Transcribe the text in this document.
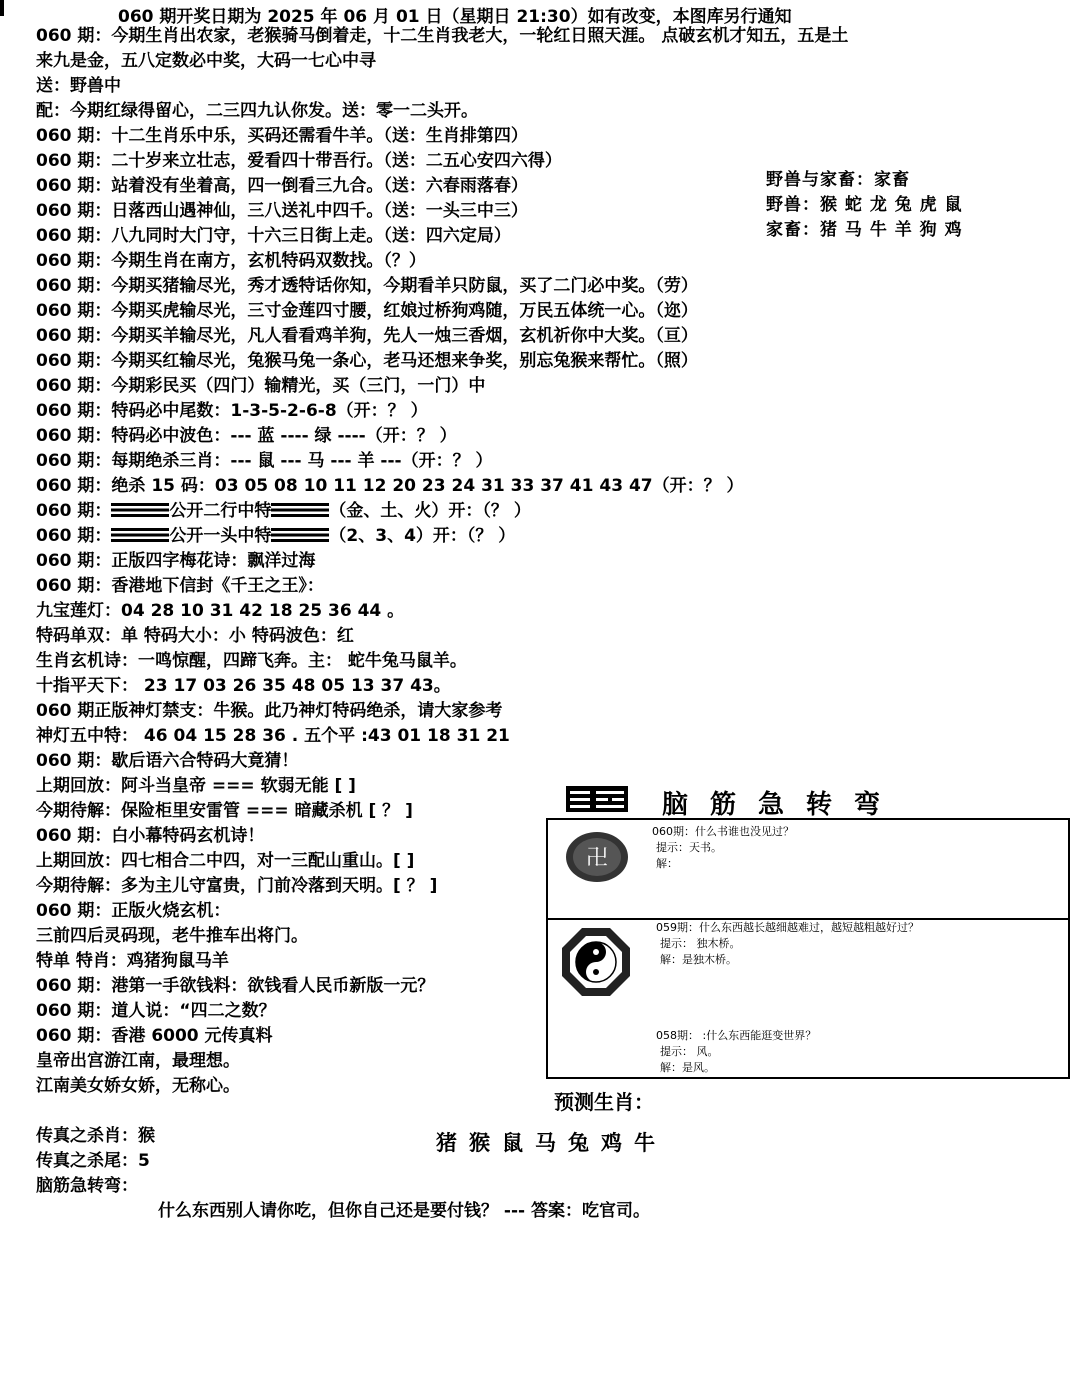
060 期开奖日期为 2025 年 06 月 01 日（星期日 21:30）如有改变，本图库另行通知
060 期：今期生肖出农家，老猴骑马倒着走，十二生肖我老大，一轮红日照天涯。 点破玄机才知五，五是土
来九是金，五八定数必中奖，大码一七心中寻
送：野兽中
配：今期红绿得留心，二三四九认你发。送：零一二头开。
060 期：十二生肖乐中乐，买码还需看牛羊。（送：生肖排第四）
060 期：二十岁来立壮志，爱看四十带吾行。（送：二五心安四六得）
060 期：站着没有坐着高，四一倒看三九合。（送：六春雨落春）
060 期：日落西山遇神仙，三八送礼中四千。（送：一头三中三）
060 期：八九同时大门守，十六三日街上走。（送：四六定局）
060 期：今期生肖在南方，玄机特码双数找。（？）
060 期：今期买猪输尽光，秀才透特话你知，今期看羊只防鼠，买了二门必中奖。（劳）
060 期：今期买虎输尽光，三寸金莲四寸腰，红娘过桥狗鸡随，万民五体统一心。（迩）
060 期：今期买羊输尽光，凡人看看鸡羊狗，先人一烛三香烟，玄机祈你中大奖。（亘）
060 期：今期买红输尽光，兔猴马兔一条心，老马还想来争奖，别忘兔猴来帮忙。（照）
060 期：今期彩民买（四门）输精光，买（三门，一门）中
060 期：特码必中尾数：1-3-5-2-6-8（开：？ ）
060 期：特码必中波色：--- 蓝 ---- 绿 ----（开：？ ）
060 期：每期绝杀三肖：--- 鼠 --- 马 --- 羊 ---（开：？ ）
060 期：绝杀 15 码：03 05 08 10 11 12 20 23 24 31 33 37 41 43 47（开：？ ）
060 期：	公开二行中特	（金、土、火）开：（？ ）
060 期：	公开一头中特	（2、3、4）开：（？ ）
060 期：正版四字梅花诗：飘洋过海
060 期：香港地下信封《千王之王》：
九宝莲灯：04 28 10 31 42 18 25 36 44 。
特码单双：单 特码大小：小 特码波色：红
生肖玄机诗：一鸣惊醒，四蹄飞奔。主： 蛇牛兔马鼠羊。
十指平天下： 23 17 03 26 35 48 05 13 37 43。
060 期正版神灯禁支：牛猴。此乃神灯特码绝杀，请大家参考
神灯五中特： 46 04 15 28 36 . 五个平 :43 01 18 31 21
060 期：歇后语六合特码大竟猜！
上期回放：阿斗当皇帝 === 软弱无能 [ ]
今期待解：保险柜里安雷管 === 暗藏杀机 [ ？ ]
060 期：白小幕特码玄机诗！
上期回放：四七相合二中四，对一三配山重山。[ ]
今期待解：多为主儿守富贵，门前冷落到天明。[ ？ ]
060 期：正版火烧玄机：
三前四后灵码现，老牛推车出将门。
特单 特肖：鸡猪狗鼠马羊
060 期：港第一手欲钱料：欲钱看人民币新版一元？
060 期：道人说：“四二之数？
060 期：香港 6000 元传真料
皇帝出宫游江南，最理想。
江南美女娇女娇，无称心。
野兽与家畜：家畜
野兽：猴 蛇 龙 兔 虎 鼠
家畜：猪 马 牛 羊 狗 鸡
脑筋急转弯
卍
060期：什么书谁也没见过？
提示：天书。
解：
059期：什么东西越长越细越难过，越短越粗越好过？
提示： 独木桥。
解：是独木桥。
058期： :什么东西能逛变世界？
提示： 风。
解：是风。
预测生肖：
猪猴鼠马兔鸡牛
传真之杀肖：猴
传真之杀尾：5
脑筋急转弯：
什么东西别人请你吃，但你自己还是要付钱？ --- 答案：吃官司。
